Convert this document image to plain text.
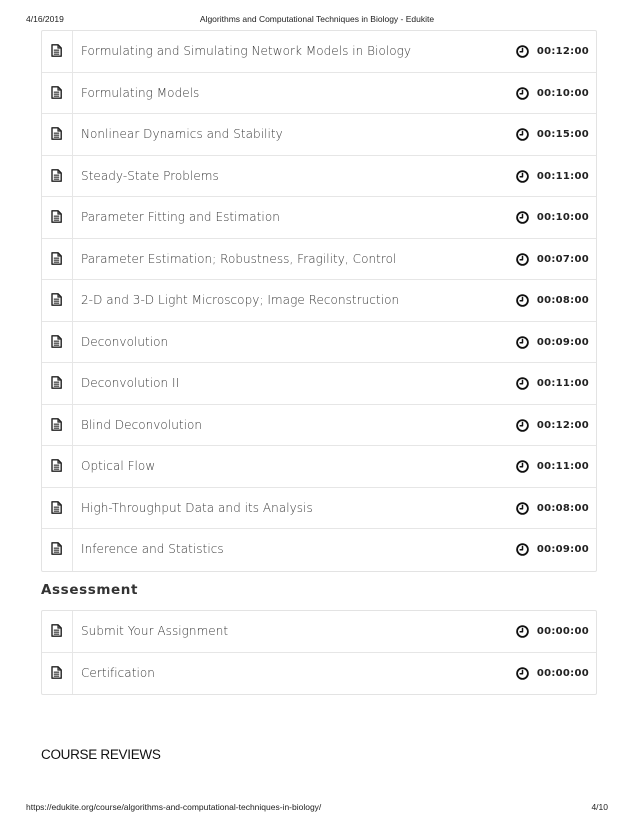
4/16/2019	Algorithms and Computational Techniques in Biology - Edukite
Formulating and Simulating Network Models in Biology	00:12:00
Formulating Models	00:10:00
Nonlinear Dynamics and Stability	00:15:00
Steady-State Problems	00:11:00
Parameter Fitting and Estimation	00:10:00
Parameter Estimation; Robustness, Fragility, Control	00:07:00
2-D and 3-D Light Microscopy; Image Reconstruction	00:08:00
Deconvolution	00:09:00
Deconvolution II	00:11:00
Blind Deconvolution	00:12:00
Optical Flow	00:11:00
High-Throughput Data and its Analysis	00:08:00
Inference and Statistics	00:09:00
Assessment
Submit Your Assignment	00:00:00
Certification	00:00:00
COURSE REVIEWS
https://edukite.org/course/algorithms-and-computational-techniques-in-biology/	4/10
